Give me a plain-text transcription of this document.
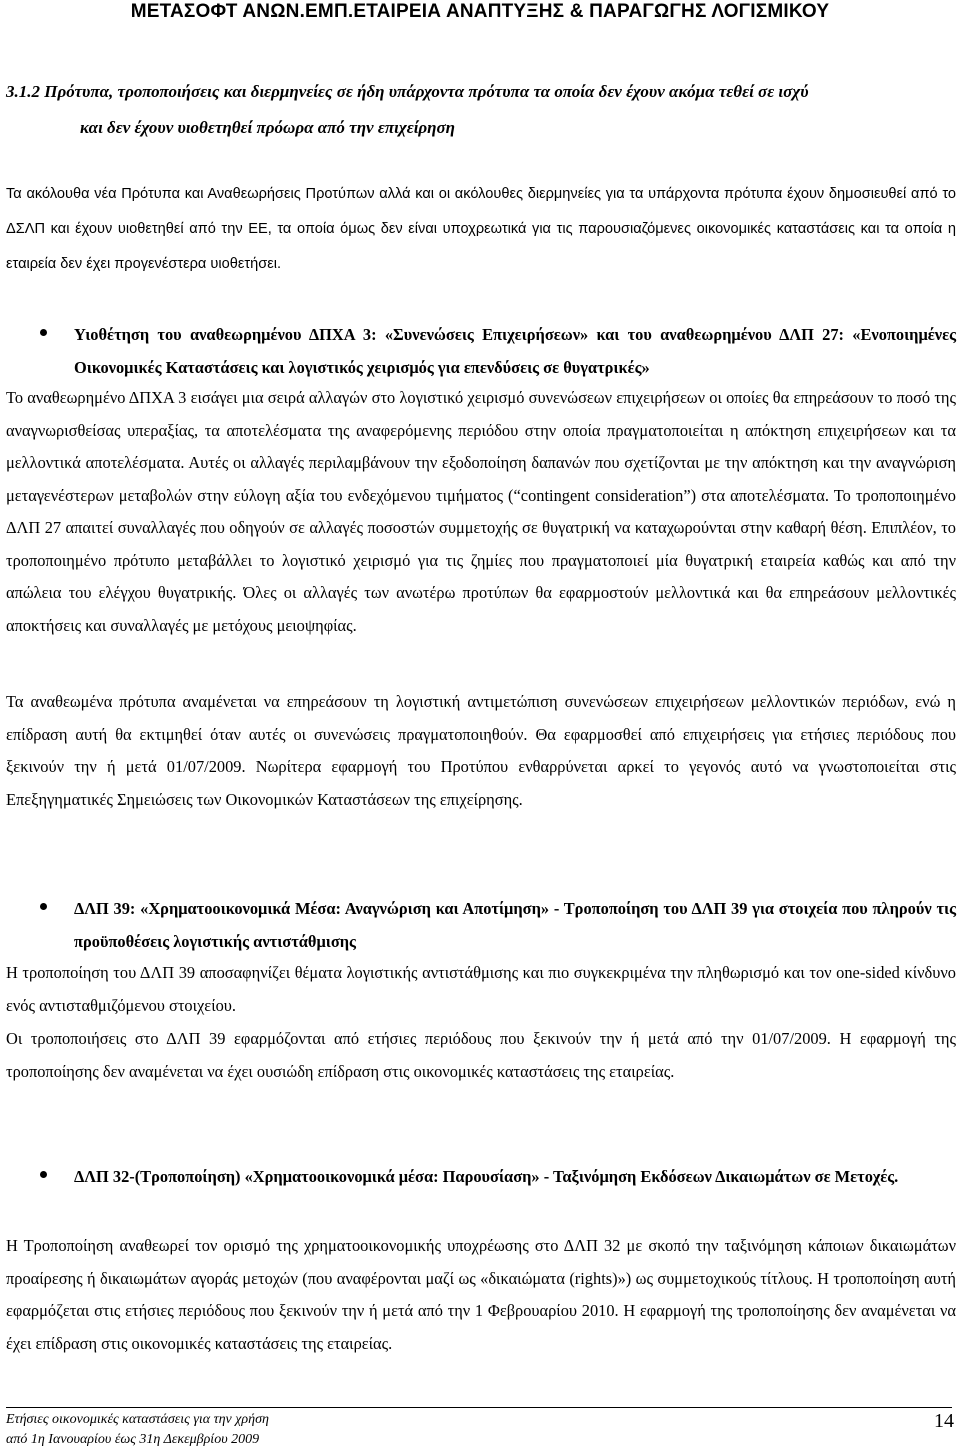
ΜΕΤΑΣΟΦΤ ΑΝΩΝ.ΕΜΠ.ΕΤΑΙΡΕΙΑ ΑΝΑΠΤΥΞΗΣ & ΠΑΡΑΓΩΓΗΣ ΛΟΓΙΣΜΙΚΟΥ
3.1.2 Πρότυπα, τροποποιήσεις και διερμηνείες σε ήδη υπάρχοντα πρότυπα τα οποία δεν έχουν ακόμα τεθεί σε ισχύ
και δεν έχουν υιοθετηθεί πρόωρα από την επιχείρηση

Τα ακόλουθα νέα Πρότυπα και Αναθεωρήσεις Προτύπων αλλά και οι ακόλουθες διερμηνείες για τα υπάρχοντα πρότυπα έχουν δημοσιευθεί από το ΔΣΛΠ και έχουν υιοθετηθεί από την ΕΕ, τα οποία όμως δεν είναι υποχρεωτικά για τις παρουσιαζόμενες οικονομικές καταστάσεις και τα οποία η εταιρεία δεν έχει προγενέστερα υιοθετήσει.

Υιοθέτηση του αναθεωρημένου ΔΠΧΑ 3: «Συνενώσεις Επιχειρήσεων» και του αναθεωρημένου ΔΛΠ 27: «Ενοποιημένες Οικονομικές Καταστάσεις και λογιστικός χειρισμός για επενδύσεις σε θυγατρικές»

Το αναθεωρημένο ΔΠΧΑ 3 εισάγει μια σειρά αλλαγών στο λογιστικό χειρισμό συνενώσεων επιχειρήσεων οι οποίες θα επηρεάσουν το ποσό της αναγνωρισθείσας υπεραξίας, τα αποτελέσματα της αναφερόμενης περιόδου στην οποία πραγματοποιείται η απόκτηση επιχειρήσεων και τα μελλοντικά αποτελέσματα. Αυτές οι αλλαγές περιλαμβάνουν την εξοδοποίηση δαπανών που σχετίζονται με την απόκτηση και την αναγνώριση μεταγενέστερων μεταβολών στην εύλογη αξία του ενδεχόμενου τιμήματος (“contingent consideration”) στα αποτελέσματα. Το τροποποιημένο ΔΛΠ 27 απαιτεί συναλλαγές που οδηγούν σε αλλαγές ποσοστών συμμετοχής σε θυγατρική να καταχωρούνται στην καθαρή θέση. Επιπλέον, το τροποποιημένο πρότυπο μεταβάλλει το λογιστικό χειρισμό για τις ζημίες που πραγματοποιεί μία θυγατρική εταιρεία καθώς και από την απώλεια του ελέγχου θυγατρικής. Όλες οι αλλαγές των ανωτέρω προτύπων θα εφαρμοστούν μελλοντικά και θα επηρεάσουν μελλοντικές αποκτήσεις και συναλλαγές με μετόχους μειοψηφίας.

Τα αναθεωμένα πρότυπα αναμένεται να επηρεάσουν τη λογιστική αντιμετώπιση συνενώσεων επιχειρήσεων μελλοντικών περιόδων, ενώ η επίδραση αυτή θα εκτιμηθεί όταν αυτές οι συνενώσεις πραγματοποιηθούν. Θα εφαρμοσθεί από επιχειρήσεις για ετήσιες περιόδους που ξεκινούν την ή μετά 01/07/2009. Νωρίτερα εφαρμογή του Προτύπου ενθαρρύνεται αρκεί το γεγονός αυτό να γνωστοποιείται στις Επεξηγηματικές Σημειώσεις των Οικονομικών Καταστάσεων της επιχείρησης.

ΔΛΠ 39: «Χρηματοοικονομικά Μέσα: Αναγνώριση και Αποτίμηση» - Τροποποίηση του ΔΛΠ 39 για στοιχεία που πληρούν τις προϋποθέσεις λογιστικής αντιστάθμισης

Η τροποποίηση του ΔΛΠ 39 αποσαφηνίζει θέματα λογιστικής αντιστάθμισης και πιο συγκεκριμένα την πληθωρισμό και τον one-sided κίνδυνο ενός αντισταθμιζόμενου στοιχείου.

Οι τροποποιήσεις στο ΔΛΠ 39 εφαρμόζονται από ετήσιες περιόδους που ξεκινούν την ή μετά από την 01/07/2009. Η εφαρμογή της τροποποίησης δεν αναμένεται να έχει ουσιώδη επίδραση στις οικονομικές καταστάσεις της εταιρείας.

ΔΛΠ 32-(Τροποποίηση) «Χρηματοοικονομικά μέσα: Παρουσίαση» - Ταξινόμηση Εκδόσεων Δικαιωμάτων σε Μετοχές.

Η Τροποποίηση αναθεωρεί τον ορισμό της χρηματοοικονομικής υποχρέωσης στο ΔΛΠ 32 με σκοπό την ταξινόμηση κάποιων δικαιωμάτων προαίρεσης ή δικαιωμάτων αγοράς μετοχών (που αναφέρονται μαζί ως «δικαιώματα (rights)») ως συμμετοχικούς τίτλους. Η τροποποίηση αυτή εφαρμόζεται στις ετήσιες περιόδους που ξεκινούν την ή μετά από την 1 Φεβρουαρίου 2010. Η εφαρμογή της τροποποίησης δεν αναμένεται να έχει επίδραση στις οικονομικές καταστάσεις της εταιρείας.

Ετήσιες οικονομικές καταστάσεις για την χρήση
από 1η Ιανουαρίου έως 31η Δεκεμβρίου 2009
14
